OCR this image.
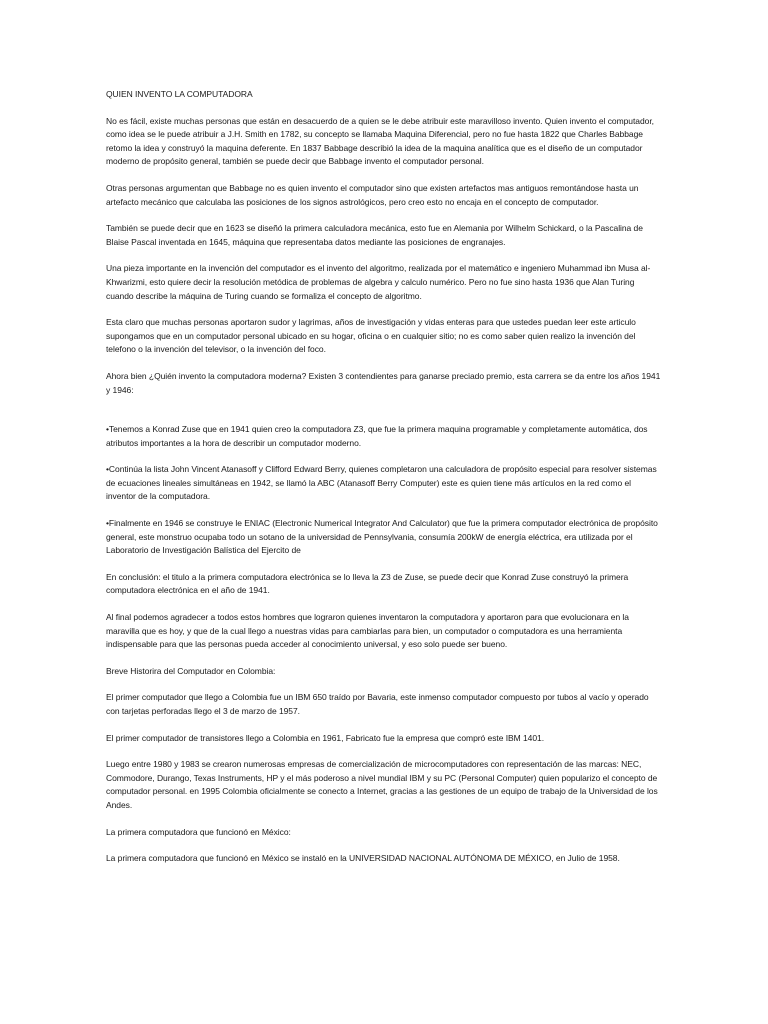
QUIEN INVENTO LA COMPUTADORA

No es fácil, existe muchas personas que están en desacuerdo de a quien se le debe atribuir este maravilloso invento. Quien invento el computador, como idea se le puede atribuir a J.H. Smith en 1782, su concepto se llamaba Maquina Diferencial, pero no fue hasta 1822 que Charles Babbage retomo la idea y construyó la maquina deferente. En 1837 Babbage describió la idea de la maquina analítica que es el diseño de un computador moderno de propósito general, también se puede decir que Babbage invento el computador personal.

Otras personas argumentan que Babbage no es quien invento el computador sino que existen artefactos mas antiguos remontándose hasta un artefacto mecánico que calculaba las posiciones de los signos astrológicos, pero creo esto no encaja en el concepto de computador.

También se puede decir que en 1623 se diseñó la primera calculadora mecánica, esto fue en Alemania por Wilhelm Schickard, o la Pascalina de Blaise Pascal inventada en 1645, máquina que representaba datos mediante las posiciones de engranajes.

Una pieza importante en la invención del computador es el invento del algoritmo, realizada por el matemático e ingeniero Muhammad ibn Musa al-Khwarizmi, esto quiere decir la resolución metódica de problemas de algebra y calculo numérico. Pero no fue sino hasta 1936 que Alan Turing cuando describe la máquina de Turing cuando se formaliza el concepto de algoritmo.

Esta claro que muchas personas aportaron sudor y lagrimas, años de investigación y vidas enteras para que ustedes puedan leer este articulo supongamos que en un computador personal ubicado en su hogar, oficina o en cualquier sitio; no es como saber quien realizo la invención del telefono o la invención del televisor, o la invención del foco.

Ahora bien ¿Quién invento la computadora moderna? Existen 3 contendientes para ganarse preciado premio, esta carrera se da entre los años 1941 y 1946:

•Tenemos a Konrad Zuse que en 1941 quien creo la computadora Z3, que fue la primera maquina programable y completamente automática, dos atributos importantes a la hora de describir un computador moderno.

•Continúa la lista John Vincent Atanasoff y Clifford Edward Berry, quienes completaron una calculadora de propósito especial para resolver sistemas de ecuaciones lineales simultáneas en 1942, se llamó la ABC (Atanasoff Berry Computer) este es quien tiene más artículos en la red como el inventor de la computadora.

•Finalmente en 1946 se construye le ENIAC (Electronic Numerical Integrator And Calculator) que fue la primera computador electrónica de propósito general, este monstruo ocupaba todo un sotano de la universidad de Pennsylvania, consumía 200kW de energía eléctrica, era utilizada por el Laboratorio de Investigación Balística del Ejercito de

En conclusión: el titulo a la primera computadora electrónica se lo lleva la Z3 de Zuse, se puede decir que Konrad Zuse construyó la primera computadora electrónica en el año de 1941.

Al final podemos agradecer a todos estos hombres que lograron quienes inventaron la computadora y aportaron para que evolucionara en la maravilla que es hoy, y que de la cual llego a nuestras vidas para cambiarlas para bien, un computador o computadora es una herramienta indispensable para que las personas pueda acceder al conocimiento universal, y eso solo puede ser bueno.

Breve Historira del Computador en Colombia:

El primer computador que llego a Colombia fue un IBM 650 traído por Bavaria, este inmenso computador compuesto por tubos al vacío y operado con tarjetas perforadas llego el 3 de marzo de 1957.

El primer computador de transistores llego a Colombia en 1961, Fabricato fue la empresa que compró este IBM 1401.

Luego entre 1980 y 1983 se crearon numerosas empresas de comercialización de microcomputadores con representación de las marcas: NEC, Commodore, Durango, Texas Instruments, HP y el más poderoso a nivel mundial IBM y su PC (Personal Computer) quien popularizo el concepto de computador personal. en 1995 Colombia oficialmente se conecto a Internet, gracias a las gestiones de un equipo de trabajo de la Universidad de los Andes.

La primera computadora que funcionó en México:

La primera computadora que funcionó en México se instaló en la UNIVERSIDAD NACIONAL AUTÓNOMA DE MÉXICO, en Julio de 1958.
